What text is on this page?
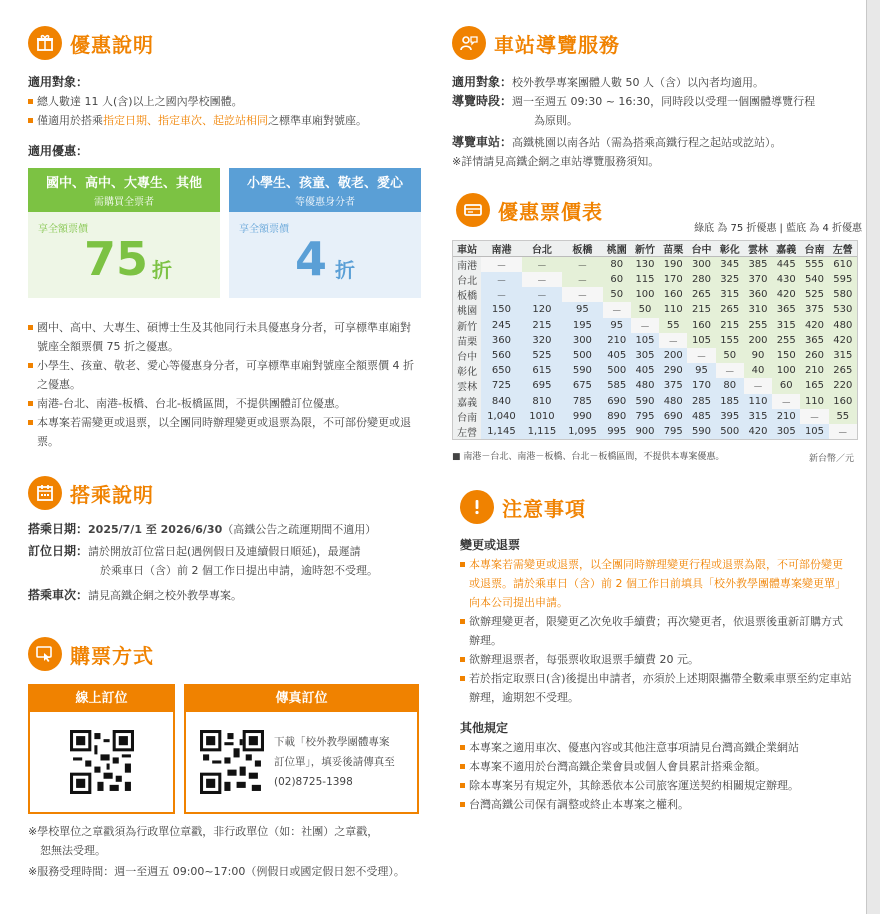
優惠說明
適用對象：
總人數達 11 人(含)以上之國內學校團體。
僅適用於搭乘指定日期、指定車次、起訖站相同之標準車廂對號座。
適用優惠：
國中、高中、大專生、其他
需購買全票者
享全額票價
75 折
小學生、孩童、敬老、愛心
等優惠身分者
享全額票價
4 折
國中、高中、大專生、碩博士生及其他同行未具優惠身分者，可享標準車廂對號座全額票價 75 折之優惠。
小學生、孩童、敬老、愛心等優惠身分者，可享標準車廂對號座全額票價 4 折之優惠。
南港-台北、南港-板橋、台北-板橋區間，不提供團體訂位優惠。
本專案若需變更或退票，以全團同時辦理變更或退票為限，不可部份變更或退票。
搭乘說明
搭乘日期： 2025/7/1 至 2026/6/30（高鐵公告之疏運期間不適用）
訂位日期： 請於開放訂位當日起(遇例假日及連續假日順延)，最遲請
於乘車日（含）前 2 個工作日提出申請，逾時恕不受理。
搭乘車次： 請見高鐵企網之校外教學專案。
購票方式
線上訂位	傳真訂位
下載「校外教學團體專案
訂位單」，填妥後請傳真至
(02)8725-1398
※學校單位之章戳須為行政單位章戳，非行政單位（如：社團）之章戳，
恕無法受理。
※服務受理時間：週一至週五 09:00~17:00（例假日或國定假日恕不受理）。
車站導覽服務
適用對象： 校外教學專案團體人數 50 人（含）以內者均適用。
導覽時段： 週一至週五 09:30 ~ 16:30，同時段以受理一個團體導覽行程
為原則。
導覽車站： 高鐵桃園以南各站（需為搭乘高鐵行程之起站或訖站）。
※詳情請見高鐵企網之車站導覽服務須知。
優惠票價表
綠底 為 75 折優惠 | 藍底 為 4 折優惠
車站	南港	台北	板橋	桃園	新竹	苗栗	台中	彰化	雲林	嘉義	台南	左營
南港	－	－	－	80	130	190	300	345	385	445	555	610
台北	－	－	－	60	115	170	280	325	370	430	540	595
板橋	－	－	－	50	100	160	265	315	360	420	525	580
桃園	150	120	95	－	50	110	215	265	310	365	375	530
新竹	245	215	195	95	－	55	160	215	255	315	420	480
苗栗	360	320	300	210	105	－	105	155	200	255	365	420
台中	560	525	500	405	305	200	－	50	90	150	260	315
彰化	650	615	590	500	405	290	95	－	40	100	210	265
雲林	725	695	675	585	480	375	170	80	－	60	165	220
嘉義	840	810	785	690	590	480	285	185	110	－	110	160
台南	1,040	1010	990	890	795	690	485	395	315	210	－	55
左營	1,145	1,115	1,095	995	900	795	590	500	420	305	105	－
■ 南港－台北、南港－板橋、台北－板橋區間，不提供本專案優惠。	新台幣／元
注意事項
變更或退票
本專案若需變更或退票，以全團同時辦理變更行程或退票為限，不可部份變更或退票。請於乘車日（含）前 2 個工作日前填具「校外教學團體專案變更單」向本公司提出申請。
欲辦理變更者，限變更乙次免收手續費；再次變更者，依退票後重新訂購方式辦理。
欲辦理退票者，每張票收取退票手續費 20 元。
若於指定取票日(含)後提出申請者，亦須於上述期限攜帶全數乘車票至約定車站辦理，逾期恕不受理。
其他規定
本專案之適用車次、優惠內容或其他注意事項請見台灣高鐵企業網站
本專案不適用於台灣高鐵企業會員或個人會員累計搭乘金額。
除本專案另有規定外，其餘悉依本公司旅客運送契約相關規定辦理。
台灣高鐵公司保有調整或終止本專案之權利。
